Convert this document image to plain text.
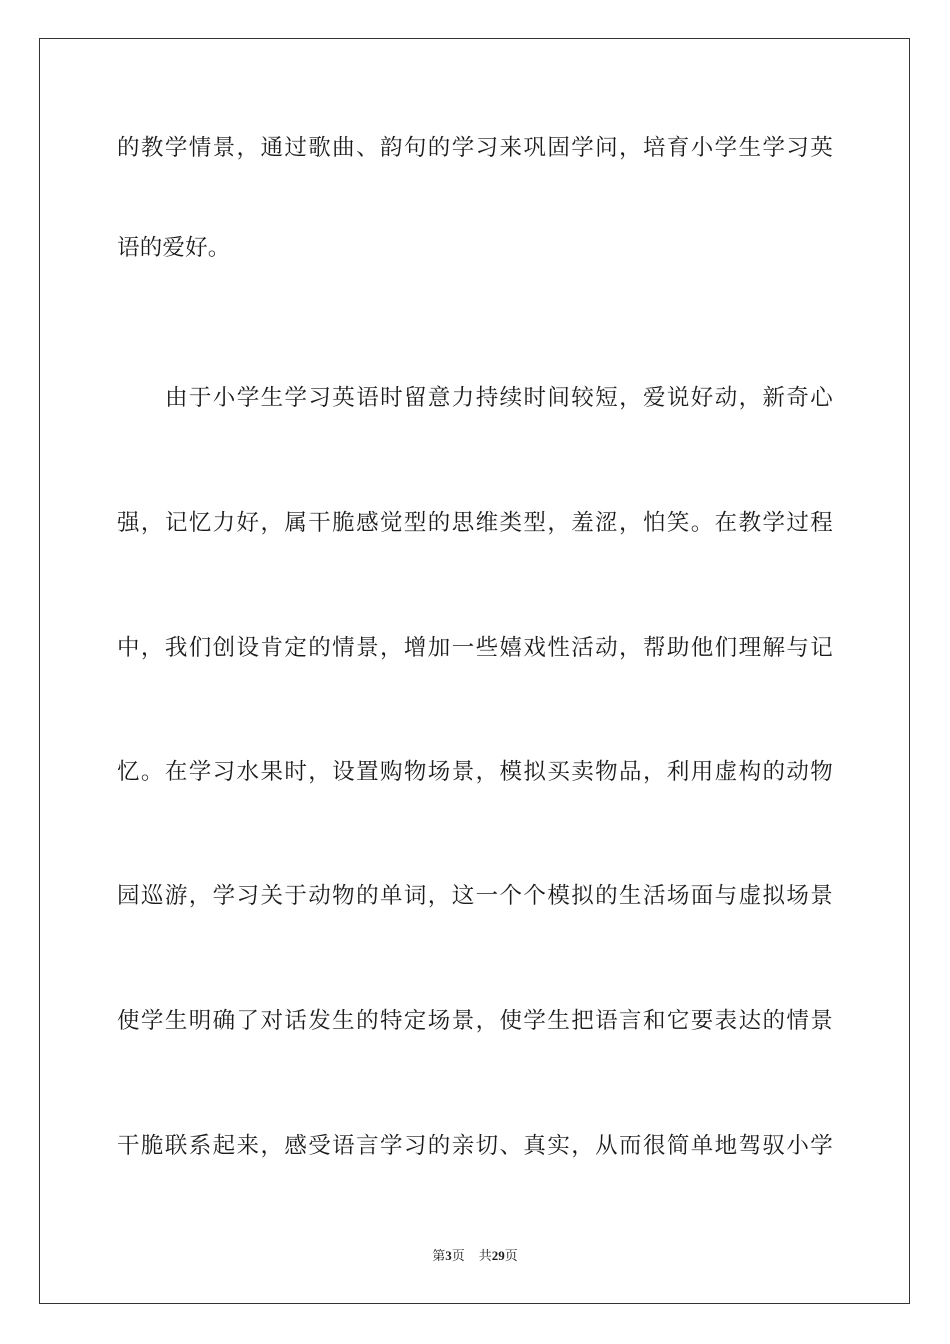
的教学情景，通过歌曲、韵句的学习来巩固学问，培育小学生学习英
语的爱好。
由于小学生学习英语时留意力持续时间较短，爱说好动，新奇心
强，记忆力好，属干脆感觉型的思维类型，羞涩，怕笑。在教学过程
中，我们创设肯定的情景，增加一些嬉戏性活动，帮助他们理解与记
忆。在学习水果时，设置购物场景，模拟买卖物品，利用虚构的动物
园巡游，学习关于动物的单词，这一个个模拟的生活场面与虚拟场景
使学生明确了对话发生的特定场景，使学生把语言和它要表达的情景
干脆联系起来，感受语言学习的亲切、真实，从而很简单地驾驭小学
第3页 共29页
